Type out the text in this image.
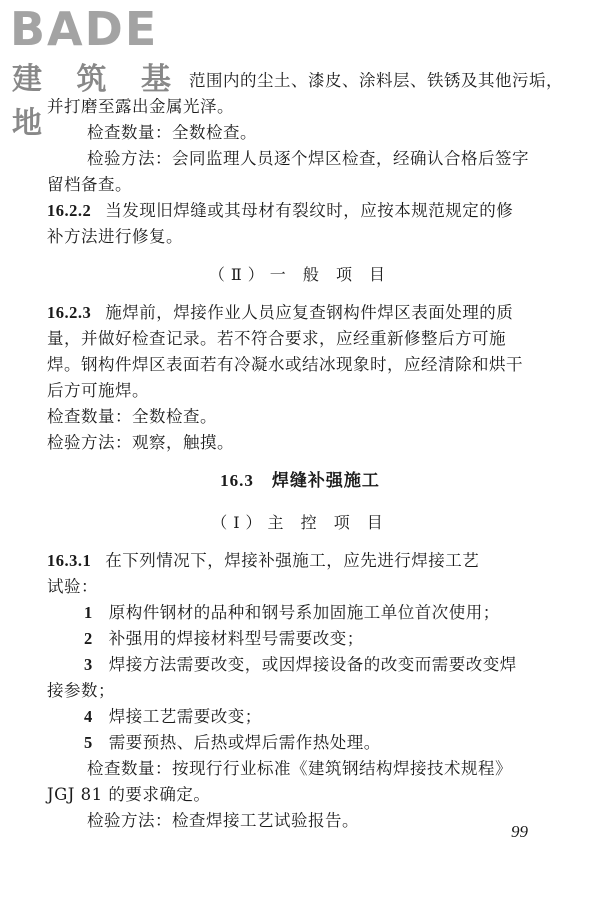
BADE
建 筑 基 地
范围内的尘土、漆皮、涂料层、铁锈及其他污垢，
并打磨至露出金属光泽。
检查数量：全数检查。
检验方法：会同监理人员逐个焊区检查，经确认合格后签字
留档备查。
16.2.2 当发现旧焊缝或其母材有裂纹时，应按本规范规定的修
补方法进行修复。
（Ⅱ）一 般 项 目
16.2.3 施焊前，焊接作业人员应复查钢构件焊区表面处理的质
量，并做好检查记录。若不符合要求，应经重新修整后方可施
焊。钢构件焊区表面若有冷凝水或结冰现象时，应经清除和烘干
后方可施焊。
检查数量：全数检查。
检验方法：观察，触摸。
16.3 焊缝补强施工
（Ⅰ）主 控 项 目
16.3.1 在下列情况下，焊接补强施工，应先进行焊接工艺
试验：
1 原构件钢材的品种和钢号系加固施工单位首次使用；
2 补强用的焊接材料型号需要改变；
3 焊接方法需要改变，或因焊接设备的改变而需要改变焊
接参数；
4 焊接工艺需要改变；
5 需要预热、后热或焊后需作热处理。
检查数量：按现行行业标准《建筑钢结构焊接技术规程》
JGJ 81 的要求确定。
检验方法：检查焊接工艺试验报告。
99
